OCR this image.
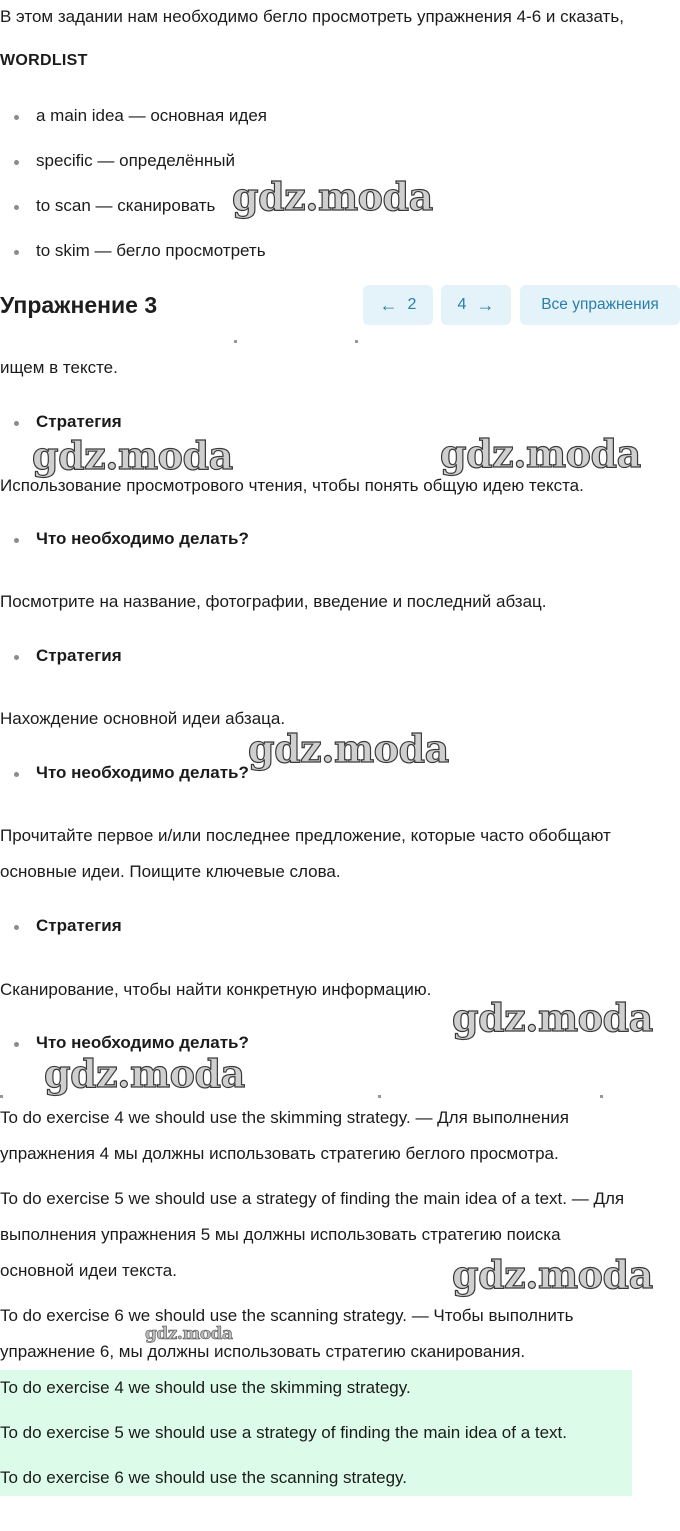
В этом задании нам необходимо бегло просмотреть упражнения 4-6 и сказать,
WORDLIST
a main idea — основная идея
specific — определённый
to scan — сканировать
to skim — бегло просмотреть
Упражнение 3	← 2	4 →	Все упражнения
ищем в тексте.
Стратегия
Использование просмотрового чтения, чтобы понять общую идею текста.
Что необходимо делать?
Посмотрите на название, фотографии, введение и последний абзац.
Стратегия
Нахождение основной идеи абзаца.
Что необходимо делать?
Прочитайте первое и/или последнее предложение, которые часто обобщают
основные идеи. Поищите ключевые слова.
Стратегия
Сканирование, чтобы найти конкретную информацию.
Что необходимо делать?
To do exercise 4 we should use the skimming strategy. — Для выполнения
упражнения 4 мы должны использовать стратегию беглого просмотра.
To do exercise 5 we should use a strategy of finding the main idea of a text. — Для
выполнения упражнения 5 мы должны использовать стратегию поиска
основной идеи текста.
To do exercise 6 we should use the scanning strategy. — Чтобы выполнить
упражнение 6, мы должны использовать стратегию сканирования.
To do exercise 4 we should use the skimming strategy.
To do exercise 5 we should use a strategy of finding the main idea of a text.
To do exercise 6 we should use the scanning strategy.
gdz.moda
gdz.moda	gdz.moda
gdz.moda
gdz.moda
gdz.moda
gdz.moda
gdz.moda
